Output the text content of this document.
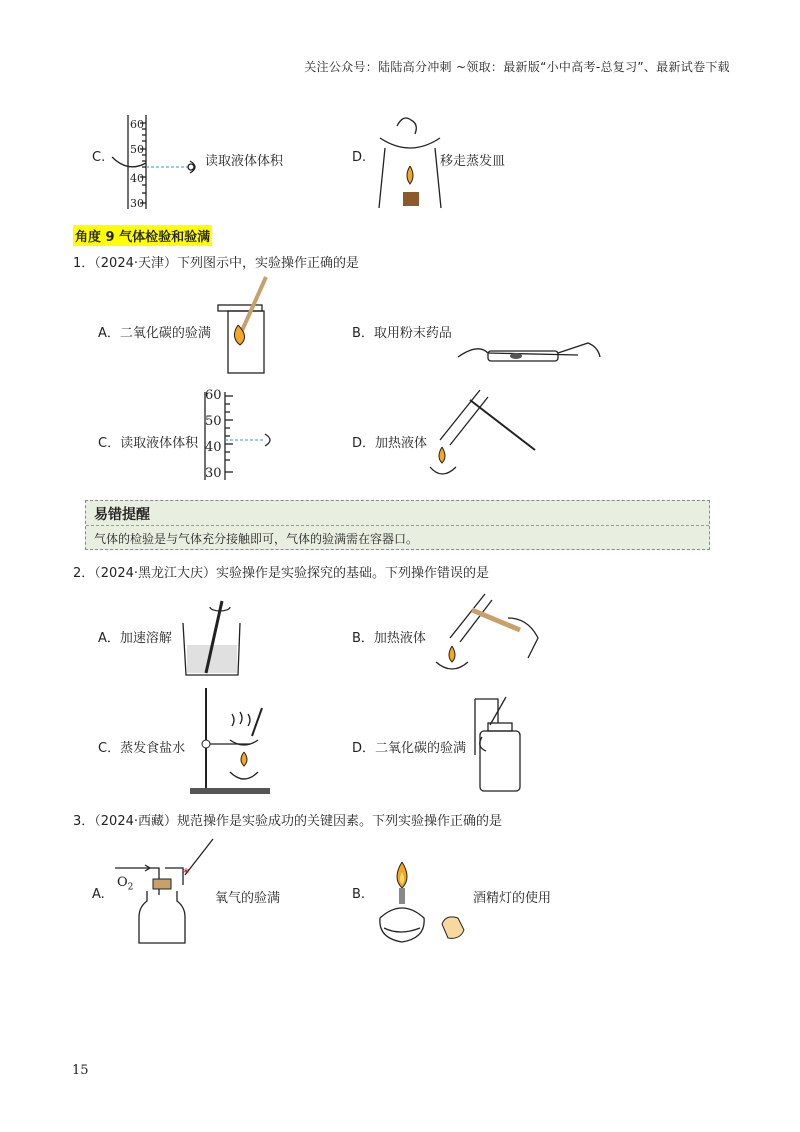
关注公众号：陆陆高分冲刺 ~领取：最新版“小中高考-总复习”、最新试卷下载
C.
60
50
40
30
读取液体体积	D.	移走蒸发皿
角度 9 气体检验和验满
1．（2024·天津）下列图示中，实验操作正确的是
A．二氧化碳的验满	B．取用粉末药品
60
50
40
30
C．读取液体体积	D．加热液体
易错提醒
气体的检验是与气体充分接触即可，气体的验满需在容器口。
2．（2024·黑龙江大庆）实验操作是实验探究的基础。下列操作错误的是
A．加速溶解	B．加热液体
C．蒸发食盐水	D．二氧化碳的验满
3．（2024·西藏）规范操作是实验成功的关键因素。下列实验操作正确的是
A.
$O_2$
*
氧气的验满	B.	酒精灯的使用
15
